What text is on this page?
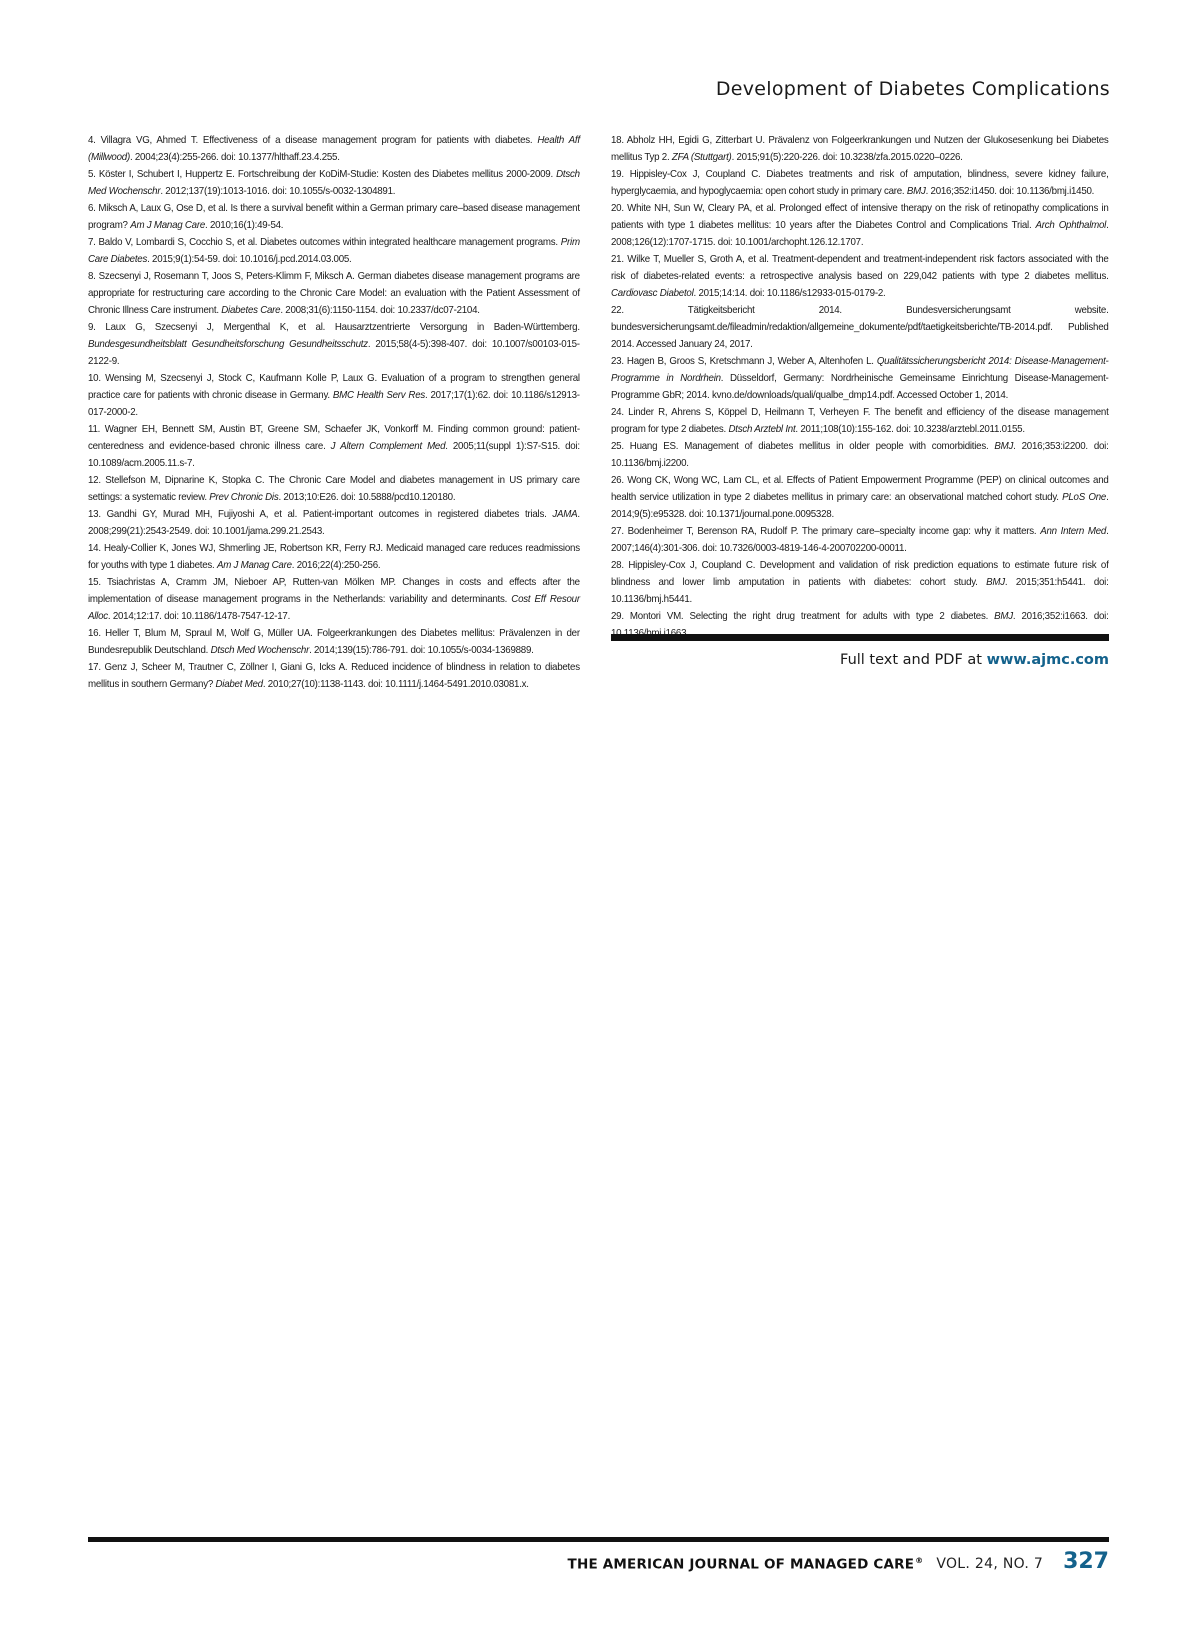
Development of Diabetes Complications
4. Villagra VG, Ahmed T. Effectiveness of a disease management program for patients with diabetes. Health Aff (Millwood). 2004;23(4):255-266. doi: 10.1377/hlthaff.23.4.255.
5. Köster I, Schubert I, Huppertz E. Fortschreibung der KoDiM-Studie: Kosten des Diabetes mellitus 2000-2009. Dtsch Med Wochenschr. 2012;137(19):1013-1016. doi: 10.1055/s-0032-1304891.
6. Miksch A, Laux G, Ose D, et al. Is there a survival benefit within a German primary care–based disease management program? Am J Manag Care. 2010;16(1):49-54.
7. Baldo V, Lombardi S, Cocchio S, et al. Diabetes outcomes within integrated healthcare management programs. Prim Care Diabetes. 2015;9(1):54-59. doi: 10.1016/j.pcd.2014.03.005.
8. Szecsenyi J, Rosemann T, Joos S, Peters-Klimm F, Miksch A. German diabetes disease management programs are appropriate for restructuring care according to the Chronic Care Model: an evaluation with the Patient Assessment of Chronic Illness Care instrument. Diabetes Care. 2008;31(6):1150-1154. doi: 10.2337/dc07-2104.
9. Laux G, Szecsenyi J, Mergenthal K, et al. Hausarztzentrierte Versorgung in Baden-Württemberg. Bundesgesundheitsblatt Gesundheitsforschung Gesundheitsschutz. 2015;58(4-5):398-407. doi: 10.1007/s00103-015-2122-9.
10. Wensing M, Szecsenyi J, Stock C, Kaufmann Kolle P, Laux G. Evaluation of a program to strengthen general practice care for patients with chronic disease in Germany. BMC Health Serv Res. 2017;17(1):62. doi: 10.1186/s12913-017-2000-2.
11. Wagner EH, Bennett SM, Austin BT, Greene SM, Schaefer JK, Vonkorff M. Finding common ground: patient-centeredness and evidence-based chronic illness care. J Altern Complement Med. 2005;11(suppl 1):S7-S15. doi: 10.1089/acm.2005.11.s-7.
12. Stellefson M, Dipnarine K, Stopka C. The Chronic Care Model and diabetes management in US primary care settings: a systematic review. Prev Chronic Dis. 2013;10:E26. doi: 10.5888/pcd10.120180.
13. Gandhi GY, Murad MH, Fujiyoshi A, et al. Patient-important outcomes in registered diabetes trials. JAMA. 2008;299(21):2543-2549. doi: 10.1001/jama.299.21.2543.
14. Healy-Collier K, Jones WJ, Shmerling JE, Robertson KR, Ferry RJ. Medicaid managed care reduces readmissions for youths with type 1 diabetes. Am J Manag Care. 2016;22(4):250-256.
15. Tsiachristas A, Cramm JM, Nieboer AP, Rutten-van Mölken MP. Changes in costs and effects after the implementation of disease management programs in the Netherlands: variability and determinants. Cost Eff Resour Alloc. 2014;12:17. doi: 10.1186/1478-7547-12-17.
16. Heller T, Blum M, Spraul M, Wolf G, Müller UA. Folgeerkrankungen des Diabetes mellitus: Prävalenzen in der Bundesrepublik Deutschland. Dtsch Med Wochenschr. 2014;139(15):786-791. doi: 10.1055/s-0034-1369889.
17. Genz J, Scheer M, Trautner C, Zöllner I, Giani G, Icks A. Reduced incidence of blindness in relation to diabetes mellitus in southern Germany? Diabet Med. 2010;27(10):1138-1143. doi: 10.1111/j.1464-5491.2010.03081.x.
18. Abholz HH, Egidi G, Zitterbart U. Prävalenz von Folgeerkrankungen und Nutzen der Glukosesenkung bei Diabetes mellitus Typ 2. ZFA (Stuttgart). 2015;91(5):220-226. doi: 10.3238/zfa.2015.0220–0226.
19. Hippisley-Cox J, Coupland C. Diabetes treatments and risk of amputation, blindness, severe kidney failure, hyperglycaemia, and hypoglycaemia: open cohort study in primary care. BMJ. 2016;352:i1450. doi: 10.1136/bmj.i1450.
20. White NH, Sun W, Cleary PA, et al. Prolonged effect of intensive therapy on the risk of retinopathy complications in patients with type 1 diabetes mellitus: 10 years after the Diabetes Control and Complications Trial. Arch Ophthalmol. 2008;126(12):1707-1715. doi: 10.1001/archopht.126.12.1707.
21. Wilke T, Mueller S, Groth A, et al. Treatment-dependent and treatment-independent risk factors associated with the risk of diabetes-related events: a retrospective analysis based on 229,042 patients with type 2 diabetes mellitus. Cardiovasc Diabetol. 2015;14:14. doi: 10.1186/s12933-015-0179-2.
22. Tätigkeitsbericht 2014. Bundesversicherungsamt website. bundesversicherungsamt.de/fileadmin/redaktion/allgemeine_dokumente/pdf/taetigkeitsberichte/TB-2014.pdf. Published 2014. Accessed January 24, 2017.
23. Hagen B, Groos S, Kretschmann J, Weber A, Altenhofen L. Qualitätssicherungsbericht 2014: Disease-Management-Programme in Nordrhein. Düsseldorf, Germany: Nordrheinische Gemeinsame Einrichtung Disease-Management-Programme GbR; 2014. kvno.de/downloads/quali/qualbe_dmp14.pdf. Accessed October 1, 2014.
24. Linder R, Ahrens S, Köppel D, Heilmann T, Verheyen F. The benefit and efficiency of the disease management program for type 2 diabetes. Dtsch Arztebl Int. 2011;108(10):155-162. doi: 10.3238/arztebl.2011.0155.
25. Huang ES. Management of diabetes mellitus in older people with comorbidities. BMJ. 2016;353:i2200. doi: 10.1136/bmj.i2200.
26. Wong CK, Wong WC, Lam CL, et al. Effects of Patient Empowerment Programme (PEP) on clinical outcomes and health service utilization in type 2 diabetes mellitus in primary care: an observational matched cohort study. PLoS One. 2014;9(5):e95328. doi: 10.1371/journal.pone.0095328.
27. Bodenheimer T, Berenson RA, Rudolf P. The primary care–specialty income gap: why it matters. Ann Intern Med. 2007;146(4):301-306. doi: 10.7326/0003-4819-146-4-200702200-00011.
28. Hippisley-Cox J, Coupland C. Development and validation of risk prediction equations to estimate future risk of blindness and lower limb amputation in patients with diabetes: cohort study. BMJ. 2015;351:h5441. doi: 10.1136/bmj.h5441.
29. Montori VM. Selecting the right drug treatment for adults with type 2 diabetes. BMJ. 2016;352:i1663. doi:
Full text and PDF at www.ajmc.com
THE AMERICAN JOURNAL OF MANAGED CARE® VOL. 24, NO. 7 327
